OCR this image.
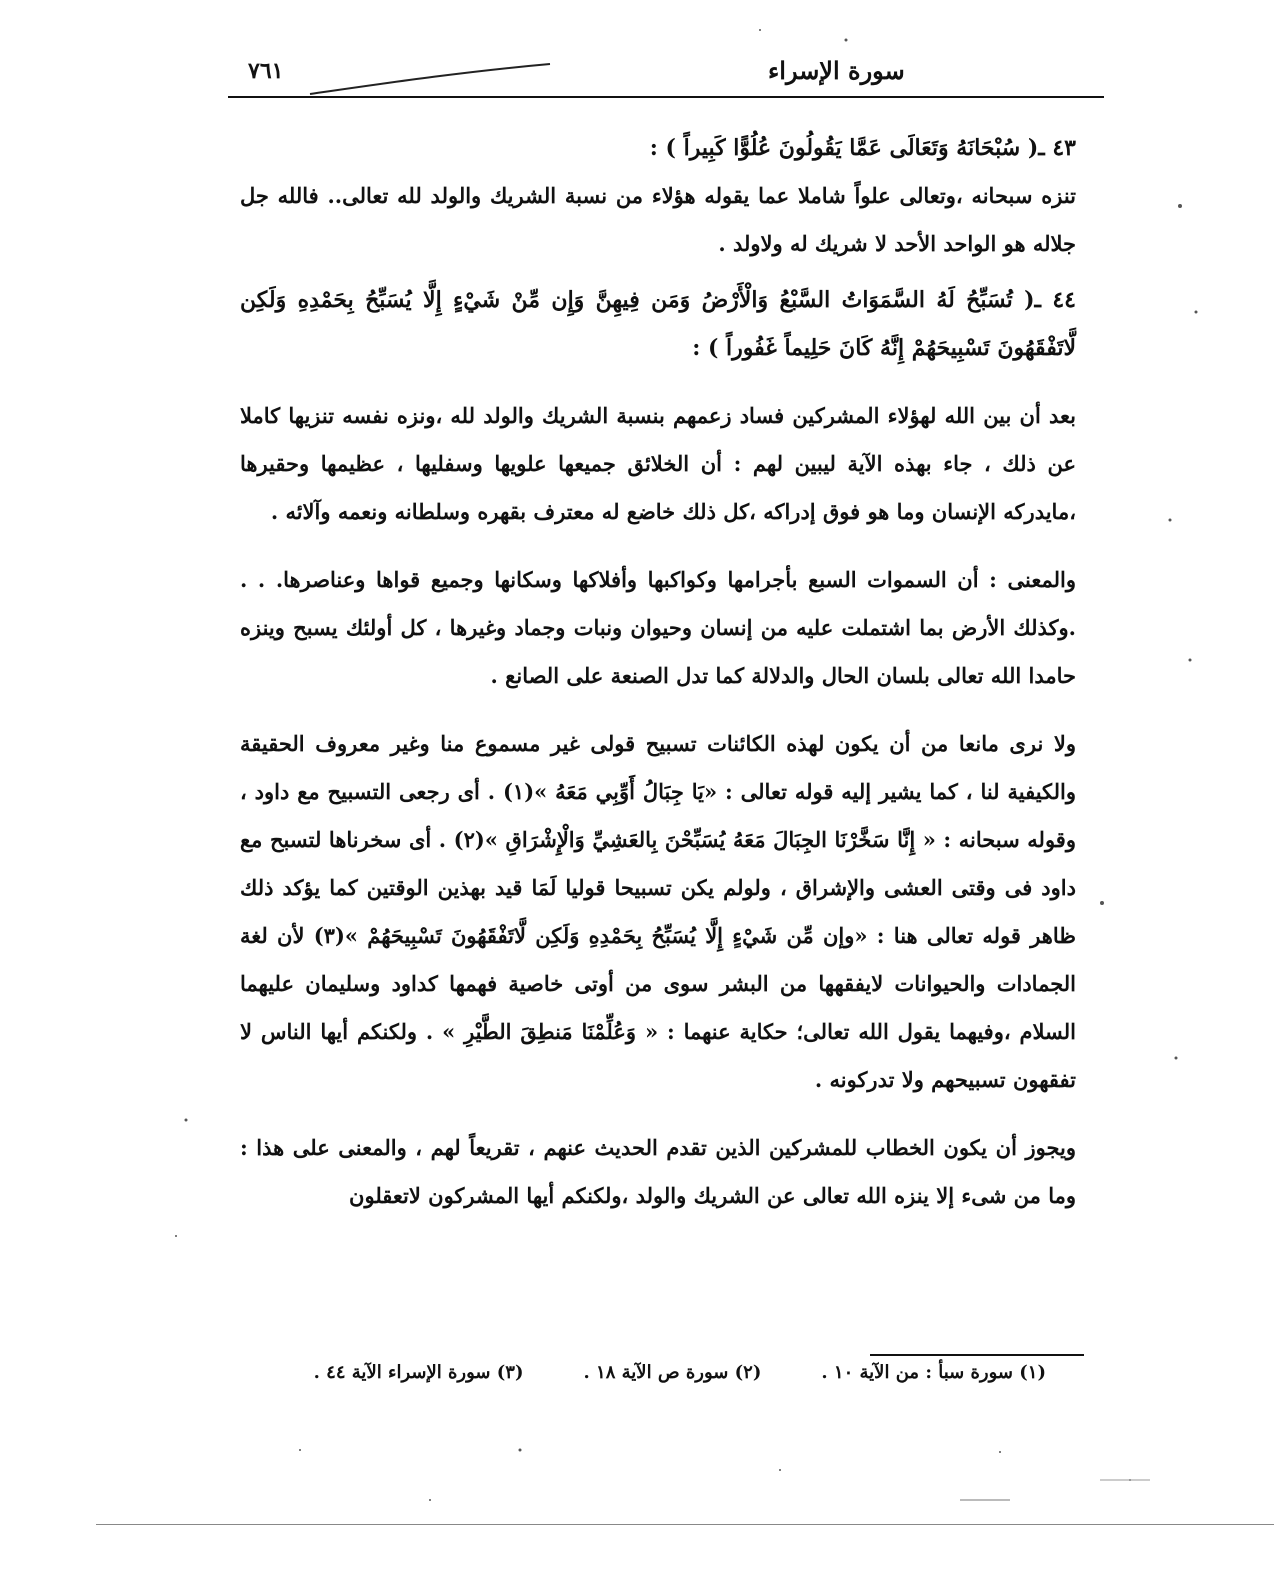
٧٦١	سورة الإسراء

٤٣ ـ( سُبْحَانَهُ وَتَعَالَى عَمَّا يَقُولُونَ عُلُوًّا كَبِيراً ) :

تنزه سبحانه ،وتعالى علواً شاملا عما يقوله هؤلاء من نسبة الشريك والولد لله تعالى.. فالله جل جلاله هو الواحد الأحد لا شريك له ولاولد .

٤٤ ـ( تُسَبِّحُ لَهُ السَّمَوَاتُ السَّبْعُ وَالْأَرْضُ وَمَن فِيهِنَّ وَإِن مِّنْ شَيْءٍ إِلَّا يُسَبِّحُ بِحَمْدِهِ وَلَكِن لَّاتَفْقَهُونَ تَسْبِيحَهُمْ إِنَّهُ كَانَ حَلِيماً غَفُوراً ) :

بعد أن بين الله لهؤلاء المشركين فساد زعمهم بنسبة الشريك والولد لله ،ونزه نفسه تنزيها كاملا عن ذلك ، جاء بهذه الآية ليبين لهم : أن الخلائق جميعها علويها وسفليها ، عظيمها وحقيرها ،مايدركه الإنسان وما هو فوق إدراكه ،كل ذلك خاضع له معترف بقهره وسلطانه ونعمه وآلائه .

والمعنى : أن السموات السبع بأجرامها وكواكبها وأفلاكها وسكانها وجميع قواها وعناصرها. . . .وكذلك الأرض بما اشتملت عليه من إنسان وحيوان ونبات وجماد وغيرها ، كل أولئك يسبح وينزه حامدا الله تعالى بلسان الحال والدلالة كما تدل الصنعة على الصانع .

ولا نرى مانعا من أن يكون لهذه الكائنات تسبيح قولى غير مسموع منا وغير معروف الحقيقة والكيفية لنا ، كما يشير إليه قوله تعالى : «يَا جِبَالُ أَوِّبِي مَعَهُ »(١) . أى رجعى التسبيح مع داود ، وقوله سبحانه : « إِنَّا سَخَّرْنَا الجِبَالَ مَعَهُ يُسَبِّحْنَ بِالعَشِيِّ وَالْإِشْرَاقِ »(٢) . أى سخرناها لتسبح مع داود فى وقتى العشى والإشراق ، ولولم يكن تسبيحا قوليا لَمَا قيد بهذين الوقتين كما يؤكد ذلك ظاهر قوله تعالى هنا : «وإن مِّن شَيْءٍ إِلَّا يُسَبِّحُ بِحَمْدِهِ وَلَكِن لَّاتَفْقَهُونَ تَسْبِيحَهُمْ »(٣) لأن لغة الجمادات والحيوانات لايفقهها من البشر سوى من أوتى خاصية فهمها كداود وسليمان عليهما السلام ،وفيهما يقول الله تعالى؛ حكاية عنهما : « وَعُلِّمْنَا مَنطِقَ الطَّيْرِ » . ولكنكم أيها الناس لا تفقهون تسبيحهم ولا تدركونه .

ويجوز أن يكون الخطاب للمشركين الذين تقدم الحديث عنهم ، تقريعاً لهم ، والمعنى على هذا : وما من شىء إلا ينزه الله تعالى عن الشريك والولد ،ولكنكم أيها المشركون لاتعقلون

(١) سورة سبأ : من الآية ١٠ .
(٢) سورة ص الآية ١٨ .
(٣) سورة الإسراء الآية ٤٤ .
